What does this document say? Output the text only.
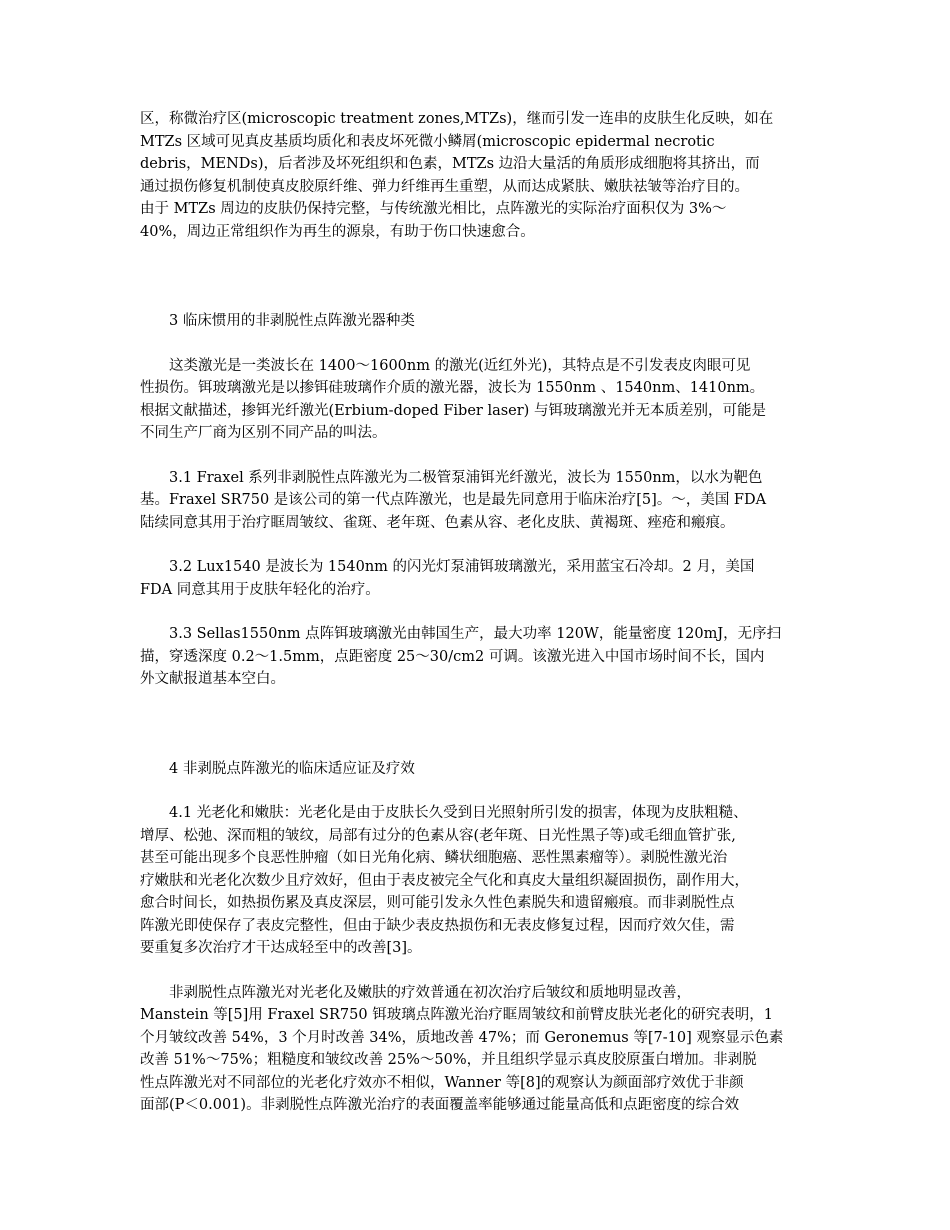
区，称微治疗区(microscopic treatment zones,MTZs)，继而引发一连串的皮肤生化反映，如在
MTZs 区域可见真皮基质均质化和表皮坏死微小鳞屑(microscopic epidermal necrotic
debris，MENDs)，后者涉及坏死组织和色素，MTZs 边沿大量活的角质形成细胞将其挤出，而
通过损伤修复机制使真皮胶原纤维、弹力纤维再生重塑，从而达成紧肤、嫩肤祛皱等治疗目的。
由于 MTZs 周边的皮肤仍保持完整，与传统激光相比，点阵激光的实际治疗面积仅为 3%～
40%，周边正常组织作为再生的源泉，有助于伤口快速愈合。

3 临床惯用的非剥脱性点阵激光器种类

　　这类激光是一类波长在 1400～1600nm 的激光(近红外光)，其特点是不引发表皮肉眼可见
性损伤。铒玻璃激光是以掺铒硅玻璃作介质的激光器，波长为 1550nm 、1540nm、1410nm。
根据文献描述，掺铒光纤激光(Erbium-doped Fiber laser) 与铒玻璃激光并无本质差别，可能是
不同生产厂商为区别不同产品的叫法。

　　3.1 Fraxel 系列非剥脱性点阵激光为二极管泵浦铒光纤激光，波长为 1550nm，以水为靶色
基。Fraxel SR750 是该公司的第一代点阵激光，也是最先同意用于临床治疗[5]。～，美国 FDA
陆续同意其用于治疗眶周皱纹、雀斑、老年斑、色素从容、老化皮肤、黄褐斑、痤疮和瘢痕。

　　3.2 Lux1540 是波长为 1540nm 的闪光灯泵浦铒玻璃激光，采用蓝宝石冷却。2 月，美国
FDA 同意其用于皮肤年轻化的治疗。

　　3.3 Sellas1550nm 点阵铒玻璃激光由韩国生产，最大功率 120W，能量密度 120mJ，无序扫
描，穿透深度 0.2～1.5mm，点距密度 25～30/cm2 可调。该激光进入中国市场时间不长，国内
外文献报道基本空白。

4 非剥脱点阵激光的临床适应证及疗效

　　4.1 光老化和嫩肤：光老化是由于皮肤长久受到日光照射所引发的损害，体现为皮肤粗糙、
增厚、松弛、深而粗的皱纹，局部有过分的色素从容(老年斑、日光性黑子等)或毛细血管扩张,
甚至可能出现多个良恶性肿瘤（如日光角化病、鳞状细胞癌、恶性黑素瘤等）。剥脱性激光治
疗嫩肤和光老化次数少且疗效好，但由于表皮被完全气化和真皮大量组织凝固损伤，副作用大，
愈合时间长，如热损伤累及真皮深层，则可能引发永久性色素脱失和遗留瘢痕。而非剥脱性点
阵激光即使保存了表皮完整性，但由于缺少表皮热损伤和无表皮修复过程，因而疗效欠佳，需
要重复多次治疗才干达成轻至中的改善[3]。

　　非剥脱性点阵激光对光老化及嫩肤的疗效普通在初次治疗后皱纹和质地明显改善，
Manstein 等[5]用 Fraxel SR750 铒玻璃点阵激光治疗眶周皱纹和前臂皮肤光老化的研究表明，1
个月皱纹改善 54%，3 个月时改善 34%，质地改善 47%；而 Geronemus 等[7-10] 观察显示色素
改善 51%～75%；粗糙度和皱纹改善 25%～50%，并且组织学显示真皮胶原蛋白增加。非剥脱
性点阵激光对不同部位的光老化疗效亦不相似，Wanner 等[8]的观察认为颜面部疗效优于非颜
面部(P＜0.001)。非剥脱性点阵激光治疗的表面覆盖率能够通过能量高低和点距密度的综合效
